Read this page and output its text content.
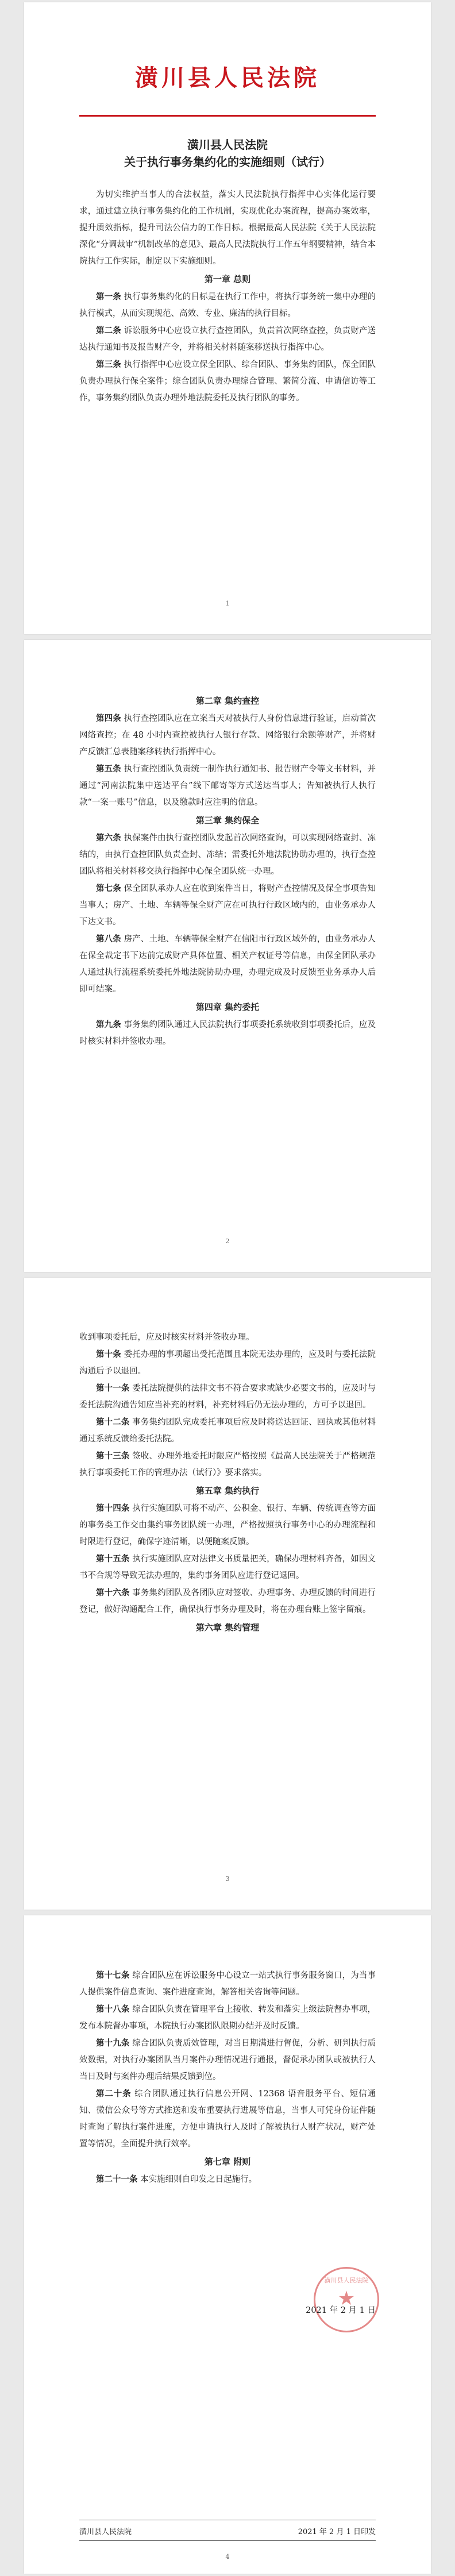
潢川县人民法院
潢川县人民法院
关于执行事务集约化的实施细则（试行）

为切实维护当事人的合法权益，落实人民法院执行指挥中心实体化运行要求，通过建立执行事务集约化的工作机制，实现优化办案流程，提高办案效率，提升质效指标，提升司法公信力的工作目标。根据最高人民法院《关于人民法院深化“分调裁审”机制改革的意见》、最高人民法院执行工作五年纲要精神，结合本院执行工作实际，制定以下实施细则。

第一章 总则

第一条 执行事务集约化的目标是在执行工作中，将执行事务统一集中办理的执行模式，从而实现规范、高效、专业、廉洁的执行目标。

第二条 诉讼服务中心应设立执行查控团队，负责首次网络查控，负责财产送达执行通知书及报告财产令，并将相关材料随案移送执行指挥中心。

第三条 执行指挥中心应设立保全团队、综合团队、事务集约团队，保全团队负责办理执行保全案件；综合团队负责办理综合管理、繁简分流、申请信访等工作，事务集约团队负责办理外地法院委托及执行团队的事务。

1

第二章 集约查控

第四条 执行查控团队应在立案当天对被执行人身份信息进行验证，启动首次网络查控；在 48 小时内查控被执行人银行存款、网络银行余额等财产，并将财产反馈汇总表随案移转执行指挥中心。

第五条 执行查控团队负责统一制作执行通知书、报告财产令等文书材料，并通过“河南法院集中送达平台”线下邮寄等方式送达当事人；告知被执行人执行款“一案一账号”信息，以及缴款时应注明的信息。

第三章 集约保全

第六条 执保案件由执行查控团队发起首次网络查询，可以实现网络查封、冻结的，由执行查控团队负责查封、冻结；需委托外地法院协助办理的，执行查控团队将相关材料移交执行指挥中心保全团队统一办理。

第七条 保全团队承办人应在收到案件当日，将财产查控情况及保全事项告知当事人；房产、土地、车辆等保全财产应在可执行行政区域内的，由业务承办人下达文书。

第八条 房产、土地、车辆等保全财产在信阳市行政区域外的，由业务承办人在保全裁定书下达前完成财产具体位置、相关产权证号等信息，由保全团队承办人通过执行流程系统委托外地法院协助办理，办理完成及时反馈至业务承办人后即可结案。

第四章 集约委托

第九条 事务集约团队通过人民法院执行事项委托系统收到事项委托后，应及时核实材料并签收办理。

2

收到事项委托后，应及时核实材料并签收办理。

第十条 委托办理的事项超出受托范围且本院无法办理的，应及时与委托法院沟通后予以退回。

第十一条 委托法院提供的法律文书不符合要求或缺少必要文书的，应及时与委托法院沟通告知应当补充的材料，补充材料后仍无法办理的，方可予以退回。

第十二条 事务集约团队完成委托事项后应及时将送达回证、回执或其他材料通过系统反馈给委托法院。

第十三条 签收、办理外地委托时限应严格按照《最高人民法院关于严格规范执行事项委托工作的管理办法（试行）》要求落实。

第五章 集约执行

第十四条 执行实施团队可将不动产、公积金、银行、车辆、传统调查等方面的事务类工作交由集约事务团队统一办理，严格按照执行事务中心的办理流程和时限进行登记，确保字迹清晰，以便随案反馈。

第十五条 执行实施团队应对法律文书质量把关，确保办理材料齐备，如因文书不合规等导致无法办理的，集约事务团队应进行登记退回。

第十六条 事务集约团队及各团队应对签收、办理事务、办理反馈的时间进行登记，做好沟通配合工作，确保执行事务办理及时，将在办理台账上签字留痕。

第六章 集约管理

3

第十七条 综合团队应在诉讼服务中心设立一站式执行事务服务窗口，为当事人提供案件信息查询、案件进度查询，解答相关咨询等问题。

第十八条 综合团队负责在管理平台上接收、转发和落实上级法院督办事项，发布本院督办事项，本院执行办案团队限期办结并及时反馈。

第十九条 综合团队负责质效管理，对当日期满进行督促，分析、研判执行质效数据，对执行办案团队当月案件办理情况进行通报，督促承办团队或被执行人当日及时与案件办理后结果反馈到位。

第二十条 综合团队通过执行信息公开网、12368 语音服务平台、短信通知、微信公众号等方式推送和发布重要执行进展等信息，当事人可凭身份证件随时查询了解执行案件进度，方便申请执行人及时了解被执行人财产状况，财产处置等情况，全面提升执行效率。

第七章 附则

第二十一条 本实施细则自印发之日起施行。

潢川县人民法院
★
2021 年 2 月 1 日
潢川县人民法院	2021 年 2 月 1 日印发
4
